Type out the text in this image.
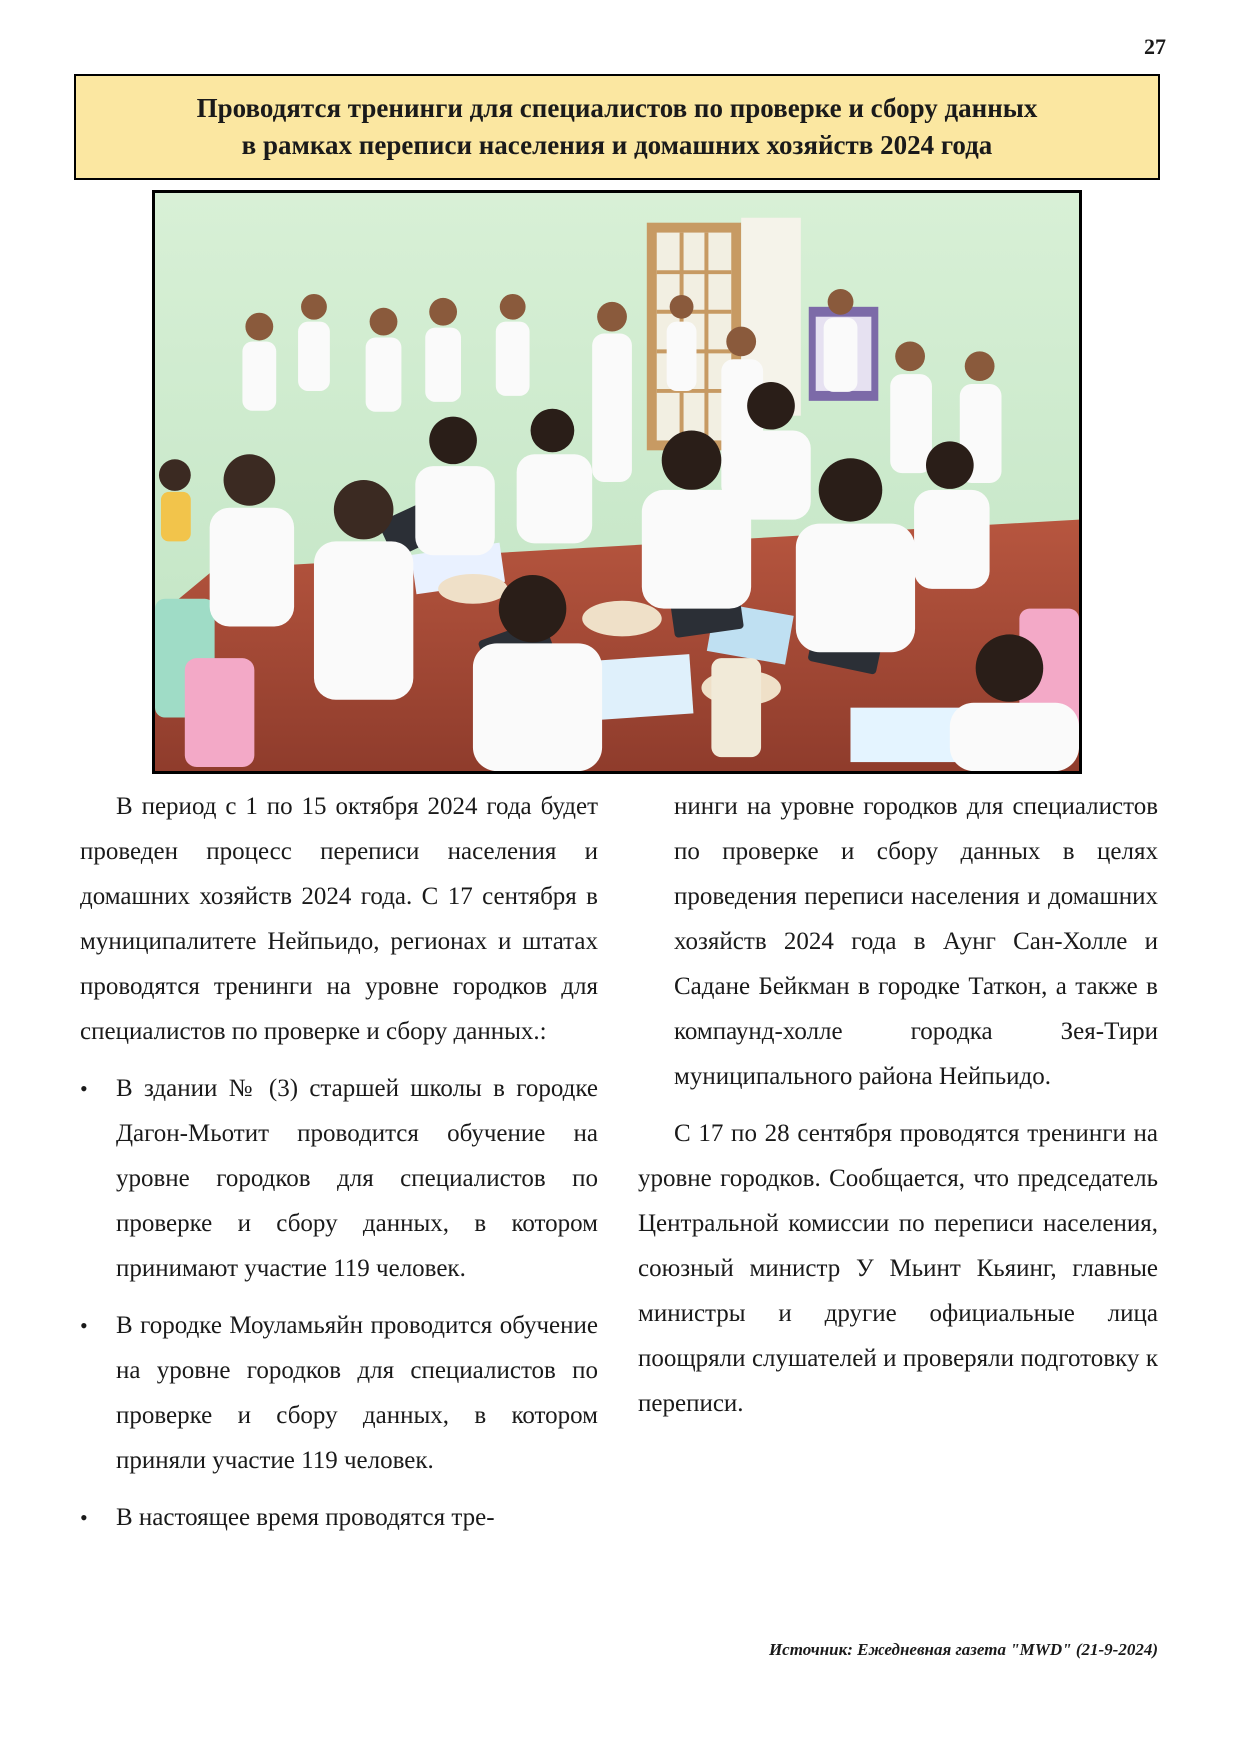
27
Проводятся тренинги для специалистов по проверке и сбору данных
в рамках переписи населения и домашних хозяйств 2024 года

В период с 1 по 15 октября 2024 года будет проведен процесс переписи населения и домашних хозяйств 2024 года. С 17 сентября в муниципалитете Нейпьидо, регионах и штатах проводятся тренинги на уровне городков для специалистов по проверке и сбору данных.:

• В здании № (3) старшей школы в городке Дагон-Мьотит проводится обучение на уровне городков для специалистов по проверке и сбору данных, в котором принимают участие 119 человек.
• В городке Моуламьяйн проводится обучение на уровне городков для специалистов по проверке и сбору данных, в котором приняли участие 119 человек.
• В настоящее время проводятся тре-

нинги на уровне городков для специалистов по проверке и сбору данных в целях проведения переписи населения и домашних хозяйств 2024 года в Аунг Сан-Холле и Садане Бейкман в городке Таткон, а также в компаунд-холле городка Зея-Тири муниципального района Нейпьидо.

С 17 по 28 сентября проводятся тренинги на уровне городков. Сообщается, что председатель Центральной комиссии по переписи населения, союзный министр У Мьинт Кьяинг, главные министры и другие официальные лица поощряли слушателей и проверяли подготовку к переписи.

Источник: Ежедневная газета "MWD" (21-9-2024)
